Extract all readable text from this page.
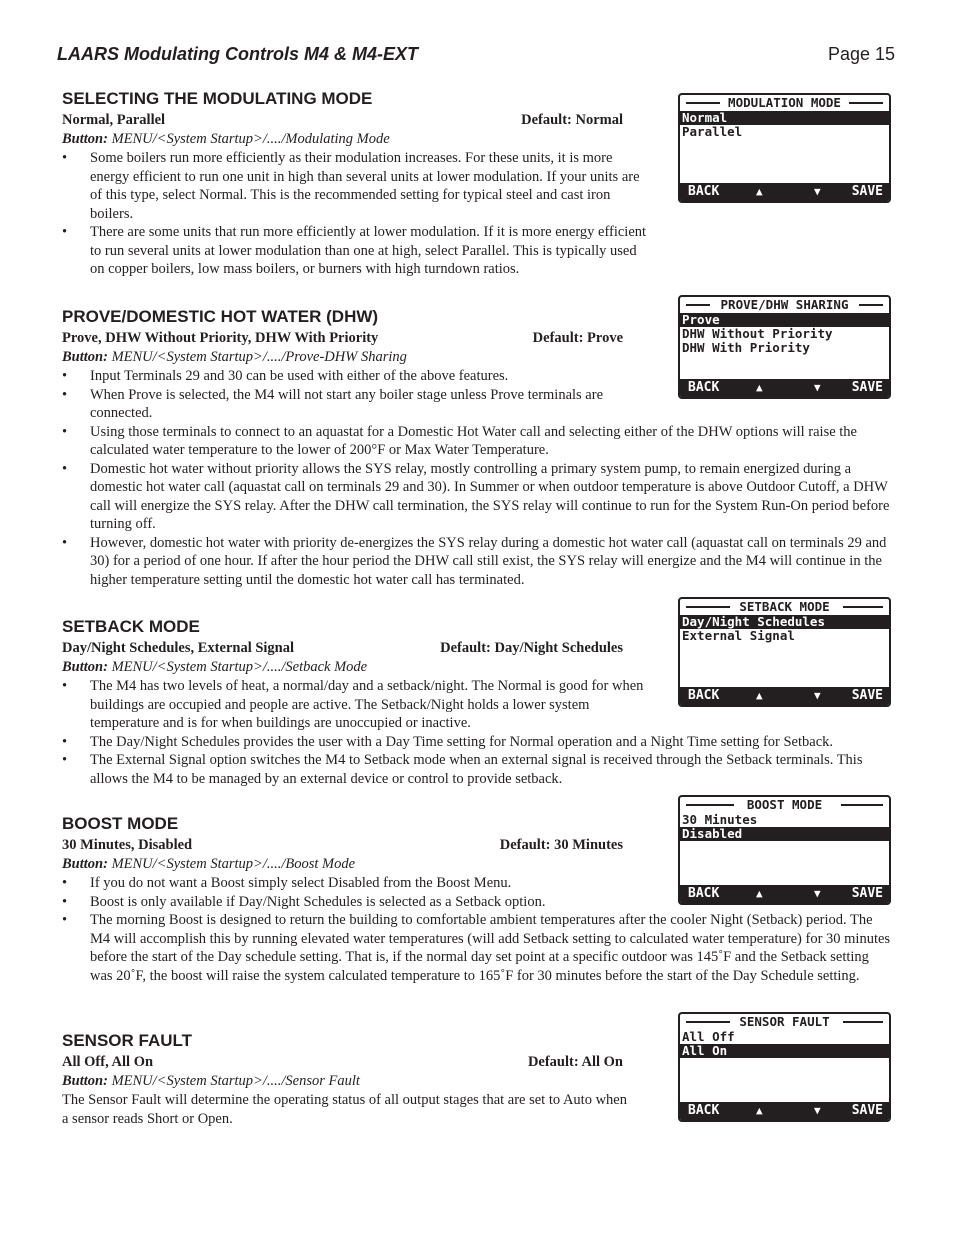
LAARS Modulating Controls M4 & M4-EXT	Page 15
SELECTING THE MODULATING MODE
Normal, Parallel	Default: Normal
Button: MENU/<System Startup>/..../Modulating Mode
• Some boilers run more efficiently as their modulation increases. For these units, it is more energy efficient to run one unit in high than several units at lower modulation. If your units are of this type, select Normal. This is the recommended setting for typical steel and cast iron boilers.
• There are some units that run more efficiently at lower modulation. If it is more energy efficient to run several units at lower modulation than one at high, select Parallel. This is typically used on copper boilers, low mass boilers, or burners with high turndown ratios.
PROVE/DOMESTIC HOT WATER (DHW)
Prove, DHW Without Priority, DHW With Priority	Default: Prove
Button: MENU/<System Startup>/..../Prove-DHW Sharing
• Input Terminals 29 and 30 can be used with either of the above features.
• When Prove is selected, the M4 will not start any boiler stage unless Prove terminals are connected.
• Using those terminals to connect to an aquastat for a Domestic Hot Water call and selecting either of the DHW options will raise the calculated water temperature to the lower of 200°F or Max Water Temperature.
• Domestic hot water without priority allows the SYS relay, mostly controlling a primary system pump, to remain energized during a domestic hot water call (aquastat call on terminals 29 and 30). In Summer or when outdoor temperature is above Outdoor Cutoff, a DHW call will energize the SYS relay. After the DHW call termination, the SYS relay will continue to run for the System Run-On period before turning off.
• However, domestic hot water with priority de-energizes the SYS relay during a domestic hot water call (aquastat call on terminals 29 and 30) for a period of one hour. If after the hour period the DHW call still exist, the SYS relay will energize and the M4 will continue in the higher temperature setting until the domestic hot water call has terminated.
SETBACK MODE
Day/Night Schedules, External Signal	Default: Day/Night Schedules
Button: MENU/<System Startup>/..../Setback Mode
• The M4 has two levels of heat, a normal/day and a setback/night. The Normal is good for when buildings are occupied and people are active. The Setback/Night holds a lower system temperature and is for when buildings are unoccupied or inactive.
• The Day/Night Schedules provides the user with a Day Time setting for Normal operation and a Night Time setting for Setback.
• The External Signal option switches the M4 to Setback mode when an external signal is received through the Setback terminals. This allows the M4 to be managed by an external device or control to provide setback.
BOOST MODE
30 Minutes, Disabled	Default: 30 Minutes
Button: MENU/<System Startup>/..../Boost Mode
• If you do not want a Boost simply select Disabled from the Boost Menu.
• Boost is only available if Day/Night Schedules is selected as a Setback option.
• The morning Boost is designed to return the building to comfortable ambient temperatures after the cooler Night (Setback) period. The M4 will accomplish this by running elevated water temperatures (will add Setback setting to calculated water temperature) for 30 minutes before the start of the Day schedule setting. That is, if the normal day set point at a specific outdoor was 145˚F and the Setback setting was 20˚F, the boost will raise the system calculated temperature to 165˚F for 30 minutes before the start of the Day Schedule setting.
SENSOR FAULT
All Off, All On	Default: All On
Button: MENU/<System Startup>/..../Sensor Fault
The Sensor Fault will determine the operating status of all output stages that are set to Auto when a sensor reads Short or Open.
MODULATION MODE
Normal
Parallel
BACK	▲	▼ SAVE
PROVE/DHW SHARING
Prove
DHW Without Priority
DHW With Priority
BACK	▲	▼ SAVE
SETBACK MODE
Day/Night Schedules
External Signal
BACK	▲	▼ SAVE
BOOST MODE
30 Minutes
Disabled
BACK	▲	▼ SAVE
SENSOR FAULT
All Off
All On
BACK	▲	▼ SAVE
